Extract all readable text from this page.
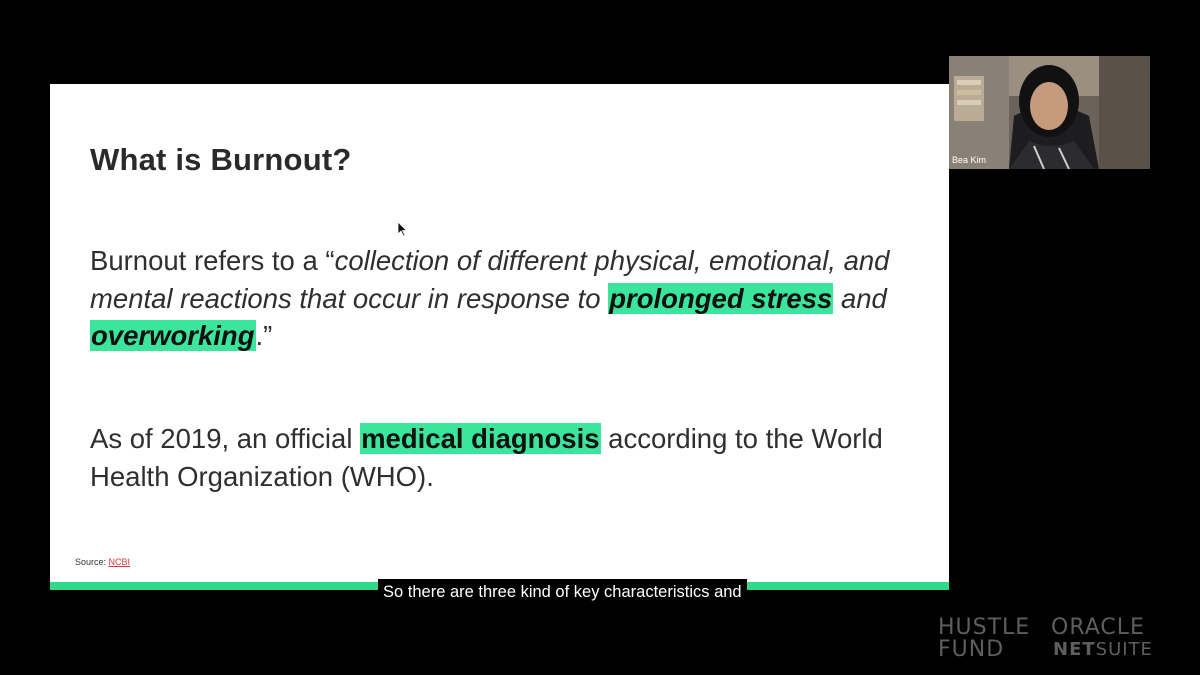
What is Burnout?
Burnout refers to a “collection of different physical, emotional, and mental reactions that occur in response to prolonged stress and overworking.”
As of 2019, an official medical diagnosis according to the World Health Organization (WHO).
Source: NCBI
So there are three kind of key characteristics and
Bea Kim
HUSTLE
FUND
ORACLE
NETSUITE
